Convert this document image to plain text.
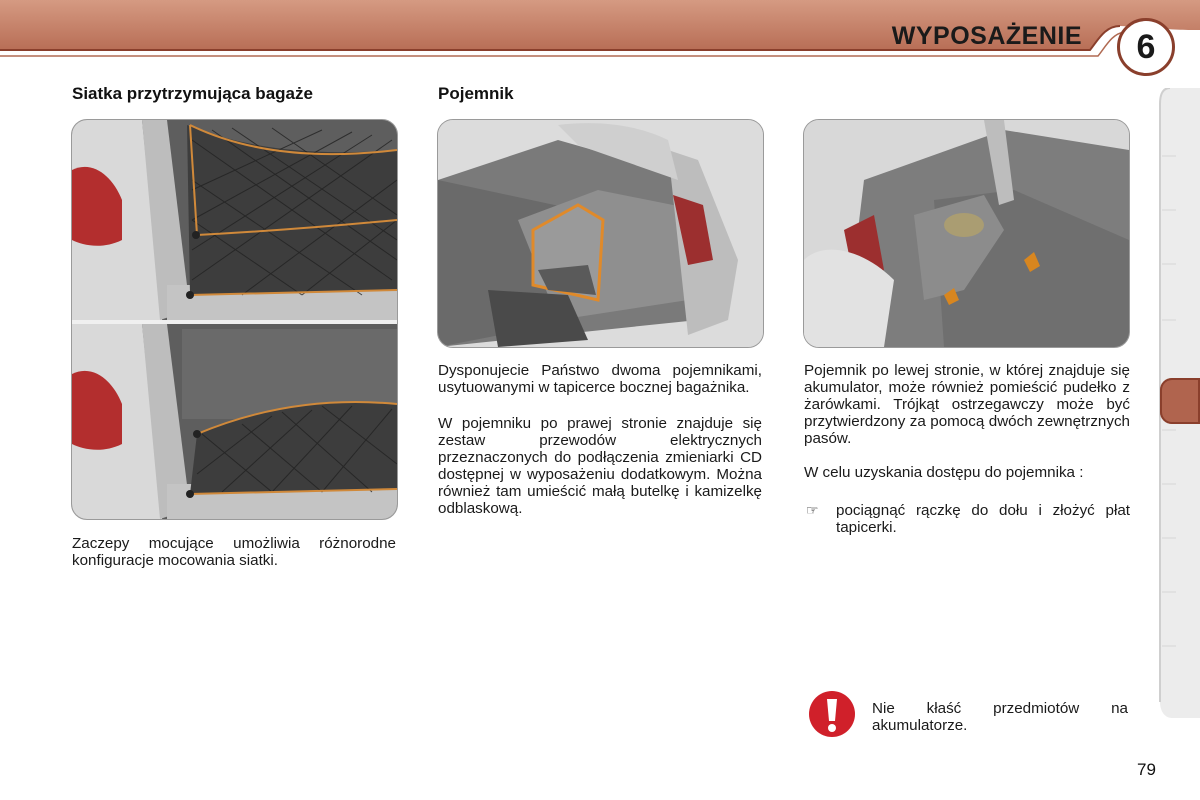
WYPOSAŻENIE	6
Siatka przytrzymująca bagaże	Pojemnik

Zaczepy mocujące umożliwia różnorodne konfiguracje mocowania siatki.

Dysponujecie Państwo dwoma pojemnikami, usytuowanymi w tapicerce bocznej bagażnika.

W pojemniku po prawej stronie znajduje się zestaw przewodów elektrycznych przeznaczonych do podłączenia zmieniarki CD dostępnej w wyposażeniu dodatkowym. Można również tam umieścić małą butelkę i kamizelkę odblaskową.

Pojemnik po lewej stronie, w której znajduje się akumulator, może również pomieścić pudełko z żarówkami. Trójkąt ostrzegawczy może być przytwierdzony za pomocą dwóch zewnętrznych pasów.

W celu uzyskania dostępu do pojemnika :

☞	pociągnąć rączkę do dołu i złożyć płat tapicerki.
Nie kłaść przedmiotów na akumulatorze.
79
